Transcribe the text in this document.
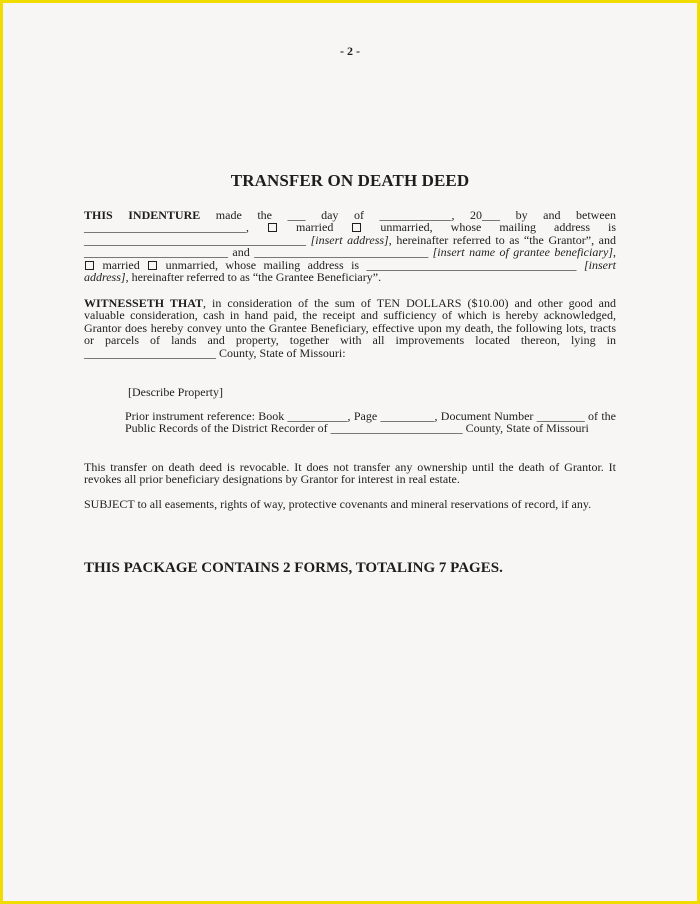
- 2 -
TRANSFER ON DEATH DEED
THIS INDENTURE made the ___ day of ____________, 20___ by and between ___________________________,  married  unmarried, whose mailing address is _____________________________________ [insert address], hereinafter referred to as “the Grantor”, and ________________________ and _____________________________ [insert name of grantee beneficiary],  married  unmarried, whose mailing address is ___________________________________ [insert address], hereinafter referred to as “the Grantee Beneficiary”.
WITNESSETH THAT, in consideration of the sum of TEN DOLLARS ($10.00) and other good and valuable consideration, cash in hand paid, the receipt and sufficiency of which is hereby acknowledged, Grantor does hereby convey unto the Grantee Beneficiary, effective upon my death, the following lots, tracts or parcels of lands and property, together with all improvements located thereon, lying in ______________________ County, State of Missouri:
[Describe Property]
Prior instrument reference: Book __________, Page _________, Document Number ________ of the Public Records of the District Recorder of ______________________ County, State of Missouri
This transfer on death deed is revocable. It does not transfer any ownership until the death of Grantor. It revokes all prior beneficiary designations by Grantor for interest in real estate.
SUBJECT to all easements, rights of way, protective covenants and mineral reservations of record, if any.
THIS PACKAGE CONTAINS 2 FORMS, TOTALING 7 PAGES.
